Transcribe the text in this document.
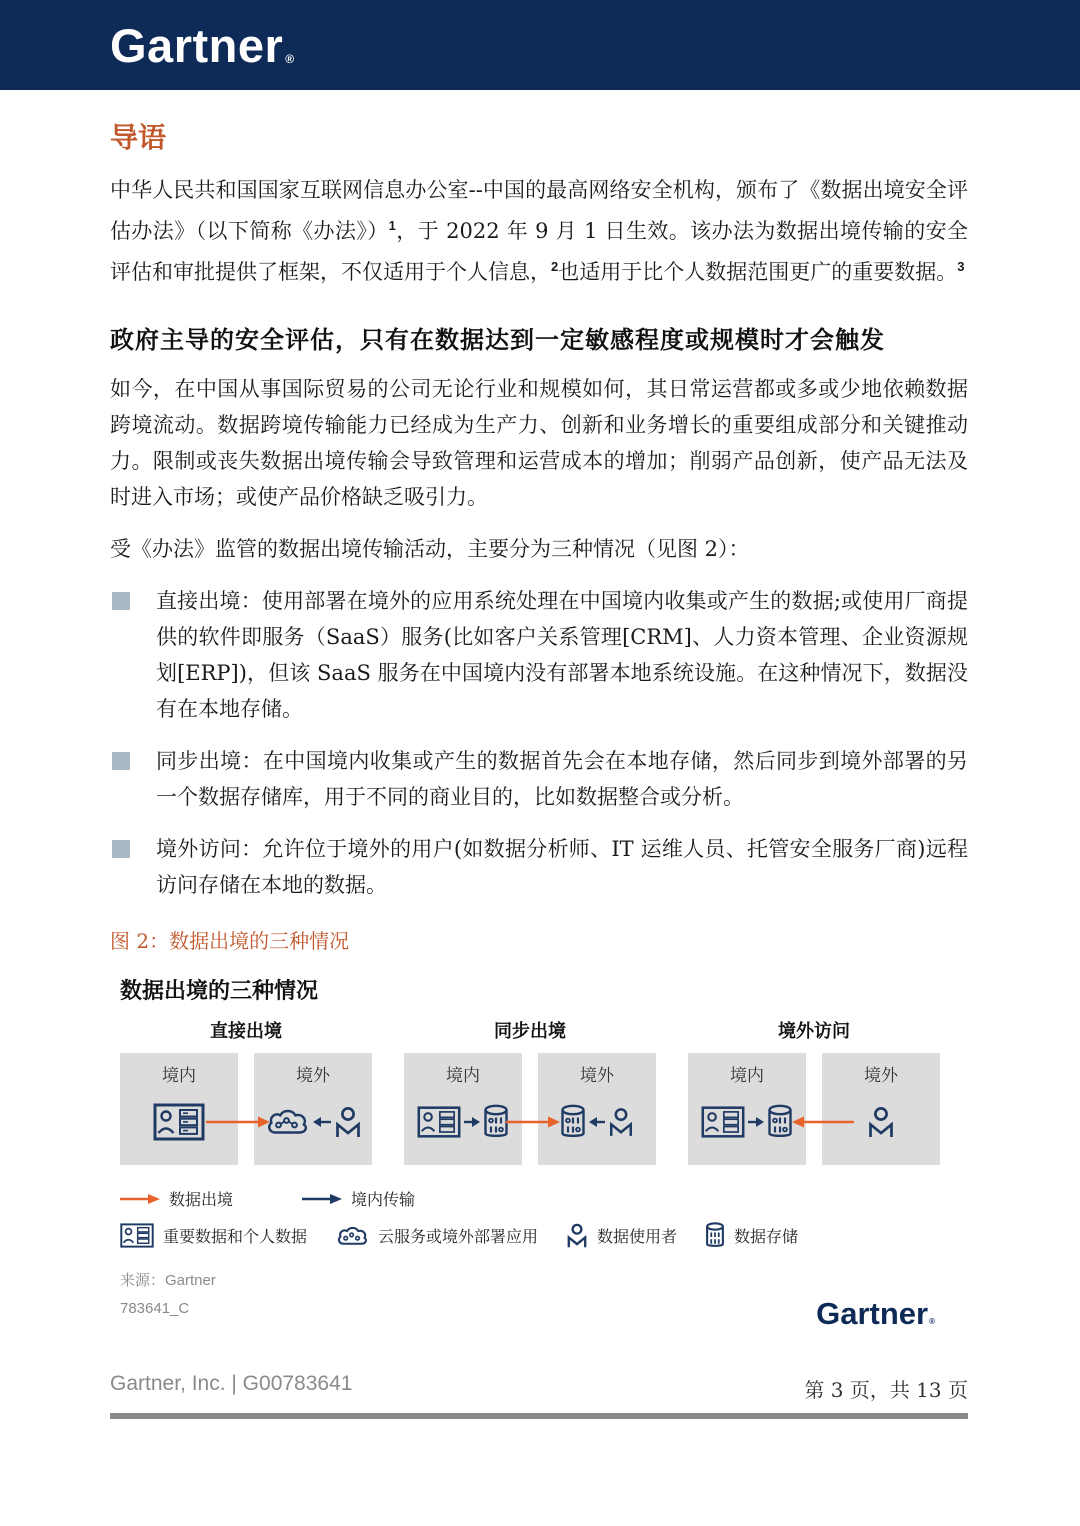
Gartner ®
导语

中华人民共和国国家互联网信息办公室--中国的最高网络安全机构，颁布了《数据出境安全评估办法》（以下简称《办法》）$^1$，于 2022 年 9 月 1 日生效。该办法为数据出境传输的安全评估和审批提供了框架，不仅适用于个人信息，$^2$也适用于比个人数据范围更广的重要数据。$^3$

政府主导的安全评估，只有在数据达到一定敏感程度或规模时才会触发

如今，在中国从事国际贸易的公司无论行业和规模如何，其日常运营都或多或少地依赖数据跨境流动。数据跨境传输能力已经成为生产力、创新和业务增长的重要组成部分和关键推动力。限制或丧失数据出境传输会导致管理和运营成本的增加；削弱产品创新，使产品无法及时进入市场；或使产品价格缺乏吸引力。

受《办法》监管的数据出境传输活动，主要分为三种情况（见图 2）：

直接出境：使用部署在境外的应用系统处理在中国境内收集或产生的数据;或使用厂商提供的软件即服务（SaaS）服务(比如客户关系管理[CRM]、人力资本管理、企业资源规划[ERP])，但该 SaaS 服务在中国境内没有部署本地系统设施。在这种情况下，数据没有在本地存储。
同步出境：在中国境内收集或产生的数据首先会在本地存储，然后同步到境外部署的另一个数据存储库，用于不同的商业目的，比如数据整合或分析。
境外访问：允许位于境外的用户(如数据分析师、IT 运维人员、托管安全服务厂商)远程访问存储在本地的数据。
图 2：数据出境的三种情况
数据出境的三种情况
直接出境
境内	境外
同步出境
境内	境外
境外访问
境内	境外
数据出境	境内传输
重要数据和个人数据	云服务或境外部署应用	数据使用者	数据存储
来源：Gartner
783641_C	Gartner ®
Gartner, Inc. | G00783641	第 3 页，共 13 页
